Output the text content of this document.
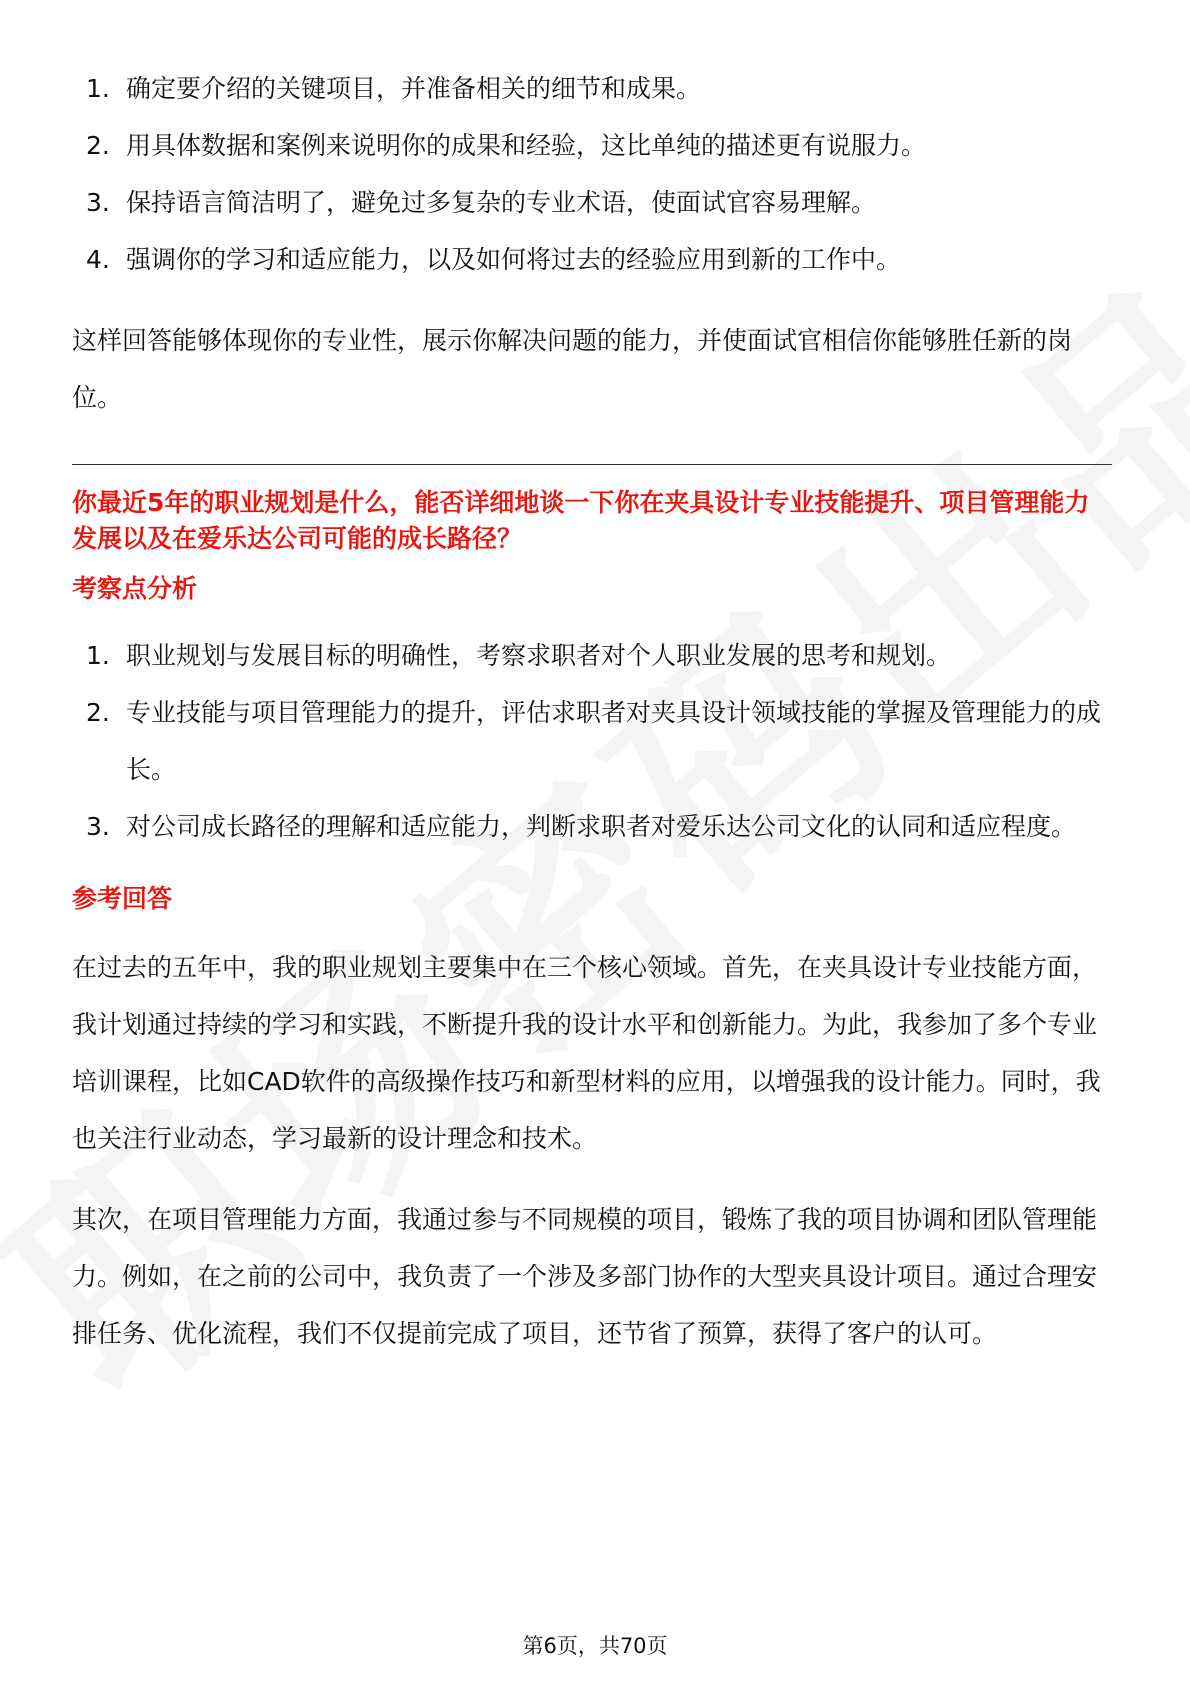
1. 确定要介绍的关键项目，并准备相关的细节和成果。
2. 用具体数据和案例来说明你的成果和经验，这比单纯的描述更有说服力。
3. 保持语言简洁明了，避免过多复杂的专业术语，使面试官容易理解。
4. 强调你的学习和适应能力，以及如何将过去的经验应用到新的工作中。

这样回答能够体现你的专业性，展示你解决问题的能力，并使面试官相信你能够胜任新的岗位。

你最近5年的职业规划是什么，能否详细地谈一下你在夹具设计专业技能提升、项目管理能力发展以及在爱乐达公司可能的成长路径？

考察点分析

1. 职业规划与发展目标的明确性，考察求职者对个人职业发展的思考和规划。
2. 专业技能与项目管理能力的提升，评估求职者对夹具设计领域技能的掌握及管理能力的成长。
3. 对公司成长路径的理解和适应能力，判断求职者对爱乐达公司文化的认同和适应程度。

参考回答

在过去的五年中，我的职业规划主要集中在三个核心领域。首先，在夹具设计专业技能方面，我计划通过持续的学习和实践，不断提升我的设计水平和创新能力。为此，我参加了多个专业培训课程，比如CAD软件的高级操作技巧和新型材料的应用，以增强我的设计能力。同时，我也关注行业动态，学习最新的设计理念和技术。

其次，在项目管理能力方面，我通过参与不同规模的项目，锻炼了我的项目协调和团队管理能力。例如，在之前的公司中，我负责了一个涉及多部门协作的大型夹具设计项目。通过合理安排任务、优化流程，我们不仅提前完成了项目，还节省了预算，获得了客户的认可。

第6页，共70页
